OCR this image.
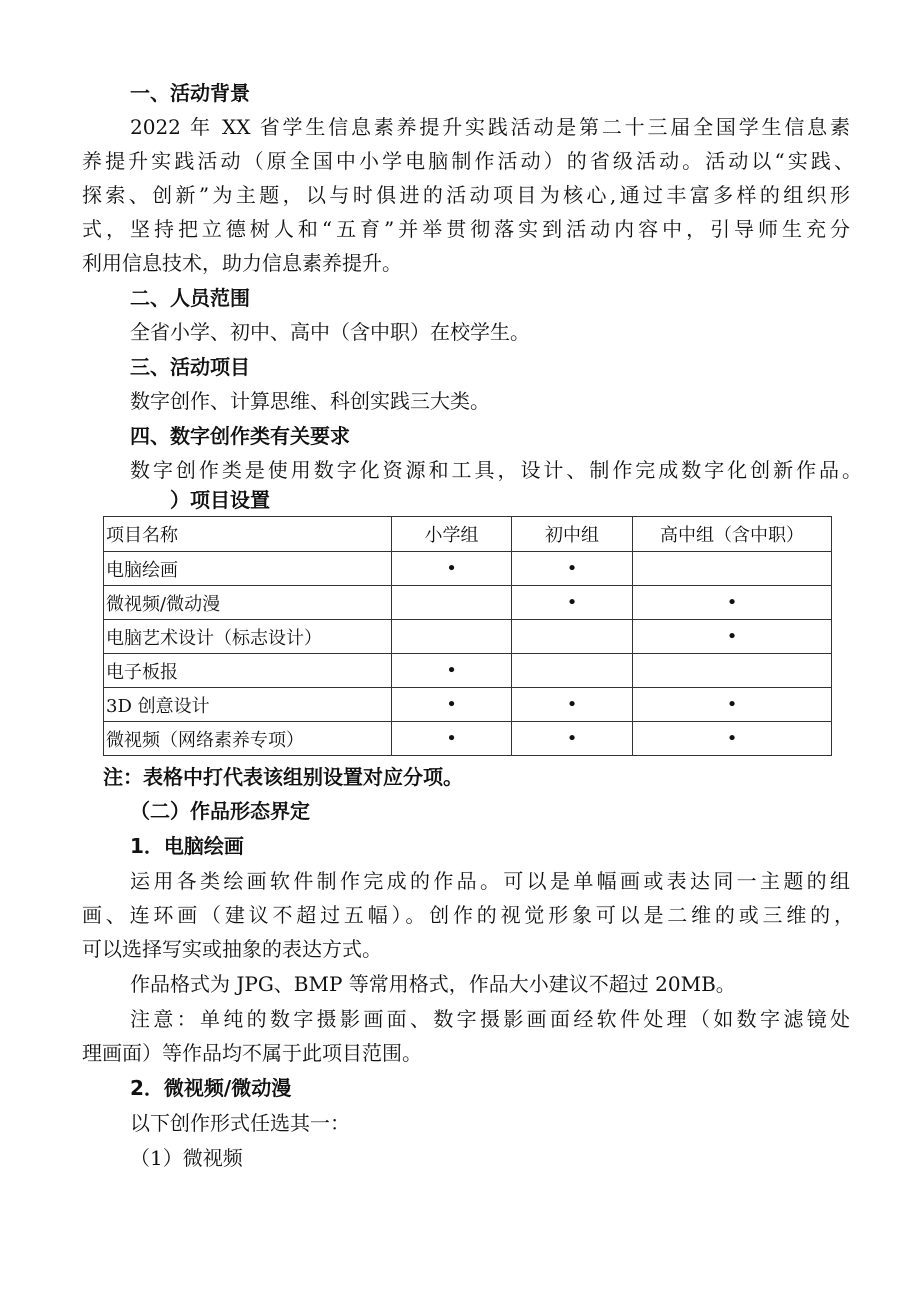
一、活动背景
2022 年 XX 省学生信息素养提升实践活动是第二十三届全国学生信息素
养提升实践活动（原全国中小学电脑制作活动）的省级活动。活动以“实践、
探索、创新”为主题，以与时俱进的活动项目为核心,通过丰富多样的组织形
式，坚持把立德树人和“五育”并举贯彻落实到活动内容中，引导师生充分
利用信息技术，助力信息素养提升。
二、人员范围
全省小学、初中、高中（含中职）在校学生。
三、活动项目
数字创作、计算思维、科创实践三大类。
四、数字创作类有关要求
数字创作类是使用数字化资源和工具，设计、制作完成数字化创新作品。
）项目设置
项目名称	小学组	初中组	高中组（含中职）
电脑绘画	•	•	
微视频/微动漫		•	•
电脑艺术设计（标志设计）			•
电子板报	•		
3D 创意设计	•	•	•
微视频（网络素养专项）	•	•	•
注：表格中打代表该组别设置对应分项。
（二）作品形态界定
1．电脑绘画
运用各类绘画软件制作完成的作品。可以是单幅画或表达同一主题的组
画、连环画（建议不超过五幅）。创作的视觉形象可以是二维的或三维的，
可以选择写实或抽象的表达方式。
作品格式为 JPG、BMP 等常用格式，作品大小建议不超过 20MB。
注意：单纯的数字摄影画面、数字摄影画面经软件处理（如数字滤镜处
理画面）等作品均不属于此项目范围。
2．微视频/微动漫
以下创作形式任选其一：
（1）微视频
